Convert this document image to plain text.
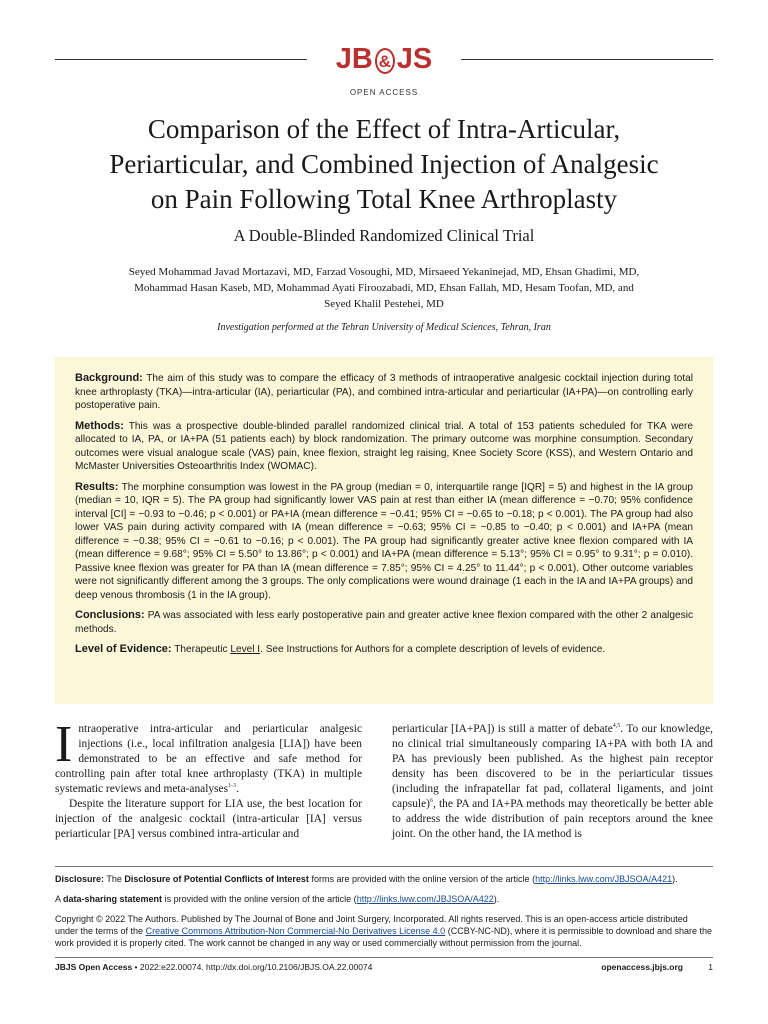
JB & JS
OPEN ACCESS
Comparison of the Effect of Intra-Articular,
Periarticular, and Combined Injection of Analgesic
on Pain Following Total Knee Arthroplasty
A Double-Blinded Randomized Clinical Trial
Seyed Mohammad Javad Mortazavi, MD, Farzad Vosoughi, MD, Mirsaeed Yekaninejad, MD, Ehsan Ghadimi, MD,
Mohammad Hasan Kaseb, MD, Mohammad Ayati Firoozabadi, MD, Ehsan Fallah, MD, Hesam Toofan, MD, and
Seyed Khalil Pestehei, MD
Investigation performed at the Tehran University of Medical Sciences, Tehran, Iran

Background: The aim of this study was to compare the efficacy of 3 methods of intraoperative analgesic cocktail injection during total knee arthroplasty (TKA)—intra-articular (IA), periarticular (PA), and combined intra-articular and periarticular (IA+PA)—on controlling early postoperative pain.

Methods: This was a prospective double-blinded parallel randomized clinical trial. A total of 153 patients scheduled for TKA were allocated to IA, PA, or IA+PA (51 patients each) by block randomization. The primary outcome was morphine consumption. Secondary outcomes were visual analogue scale (VAS) pain, knee flexion, straight leg raising, Knee Society Score (KSS), and Western Ontario and McMaster Universities Osteoarthritis Index (WOMAC).

Results: The morphine consumption was lowest in the PA group (median = 0, interquartile range [IQR] = 5) and highest in the IA group (median = 10, IQR = 5). The PA group had significantly lower VAS pain at rest than either IA (mean difference = −0.70; 95% confidence interval [CI] = −0.93 to −0.46; p < 0.001) or PA+IA (mean difference = −0.41; 95% CI = −0.65 to −0.18; p < 0.001). The PA group had also lower VAS pain during activity compared with IA (mean difference = −0.63; 95% CI = −0.85 to −0.40; p < 0.001) and IA+PA (mean difference = −0.38; 95% CI = −0.61 to −0.16; p < 0.001). The PA group had significantly greater active knee flexion compared with IA (mean difference = 9.68°; 95% CI = 5.50° to 13.86°; p < 0.001) and IA+PA (mean difference = 5.13°; 95% CI = 0.95° to 9.31°; p = 0.010). Passive knee flexion was greater for PA than IA (mean difference = 7.85°; 95% CI = 4.25° to 11.44°; p < 0.001). Other outcome variables were not significantly different among the 3 groups. The only complications were wound drainage (1 each in the IA and IA+PA groups) and deep venous thrombosis (1 in the IA group).

Conclusions: PA was associated with less early postoperative pain and greater active knee flexion compared with the other 2 analgesic methods.

Level of Evidence: Therapeutic Level I. See Instructions for Authors for a complete description of levels of evidence.

Intraoperative intra-articular and periarticular analgesic injections (i.e., local infiltration analgesia [LIA]) have been demonstrated to be an effective and safe method for controlling pain after total knee arthroplasty (TKA) in multiple systematic reviews and meta-analyses$^{1-3}$.

Despite the literature support for LIA use, the best location for injection of the analgesic cocktail (intra-articular [IA] versus periarticular [PA] versus combined intra-articular and

periarticular [IA+PA]) is still a matter of debate$^{4,5}$. To our knowledge, no clinical trial simultaneously comparing IA+PA with both IA and PA has previously been published. As the highest pain receptor density has been discovered to be in the periarticular tissues (including the infrapatellar fat pad, collateral ligaments, and joint capsule)$^6$, the PA and IA+PA methods may theoretically be better able to address the wide distribution of pain receptors around the knee joint. On the other hand, the IA method is

Disclosure: The Disclosure of Potential Conflicts of Interest forms are provided with the online version of the article (http://links.lww.com/JBJSOA/A421).
A data-sharing statement is provided with the online version of the article (http://links.lww.com/JBJSOA/A422).
Copyright © 2022 The Authors. Published by The Journal of Bone and Joint Surgery, Incorporated. All rights reserved. This is an open-access article distributed under the terms of the Creative Commons Attribution-Non Commercial-No Derivatives License 4.0 (CCBY-NC-ND), where it is permissible to download and share the work provided it is properly cited. The work cannot be changed in any way or used commercially without permission from the journal.
JBJS Open Access • 2022:e22.00074. http://dx.doi.org/10.2106/JBJS.OA.22.00074	openaccess.jbjs.org	1
